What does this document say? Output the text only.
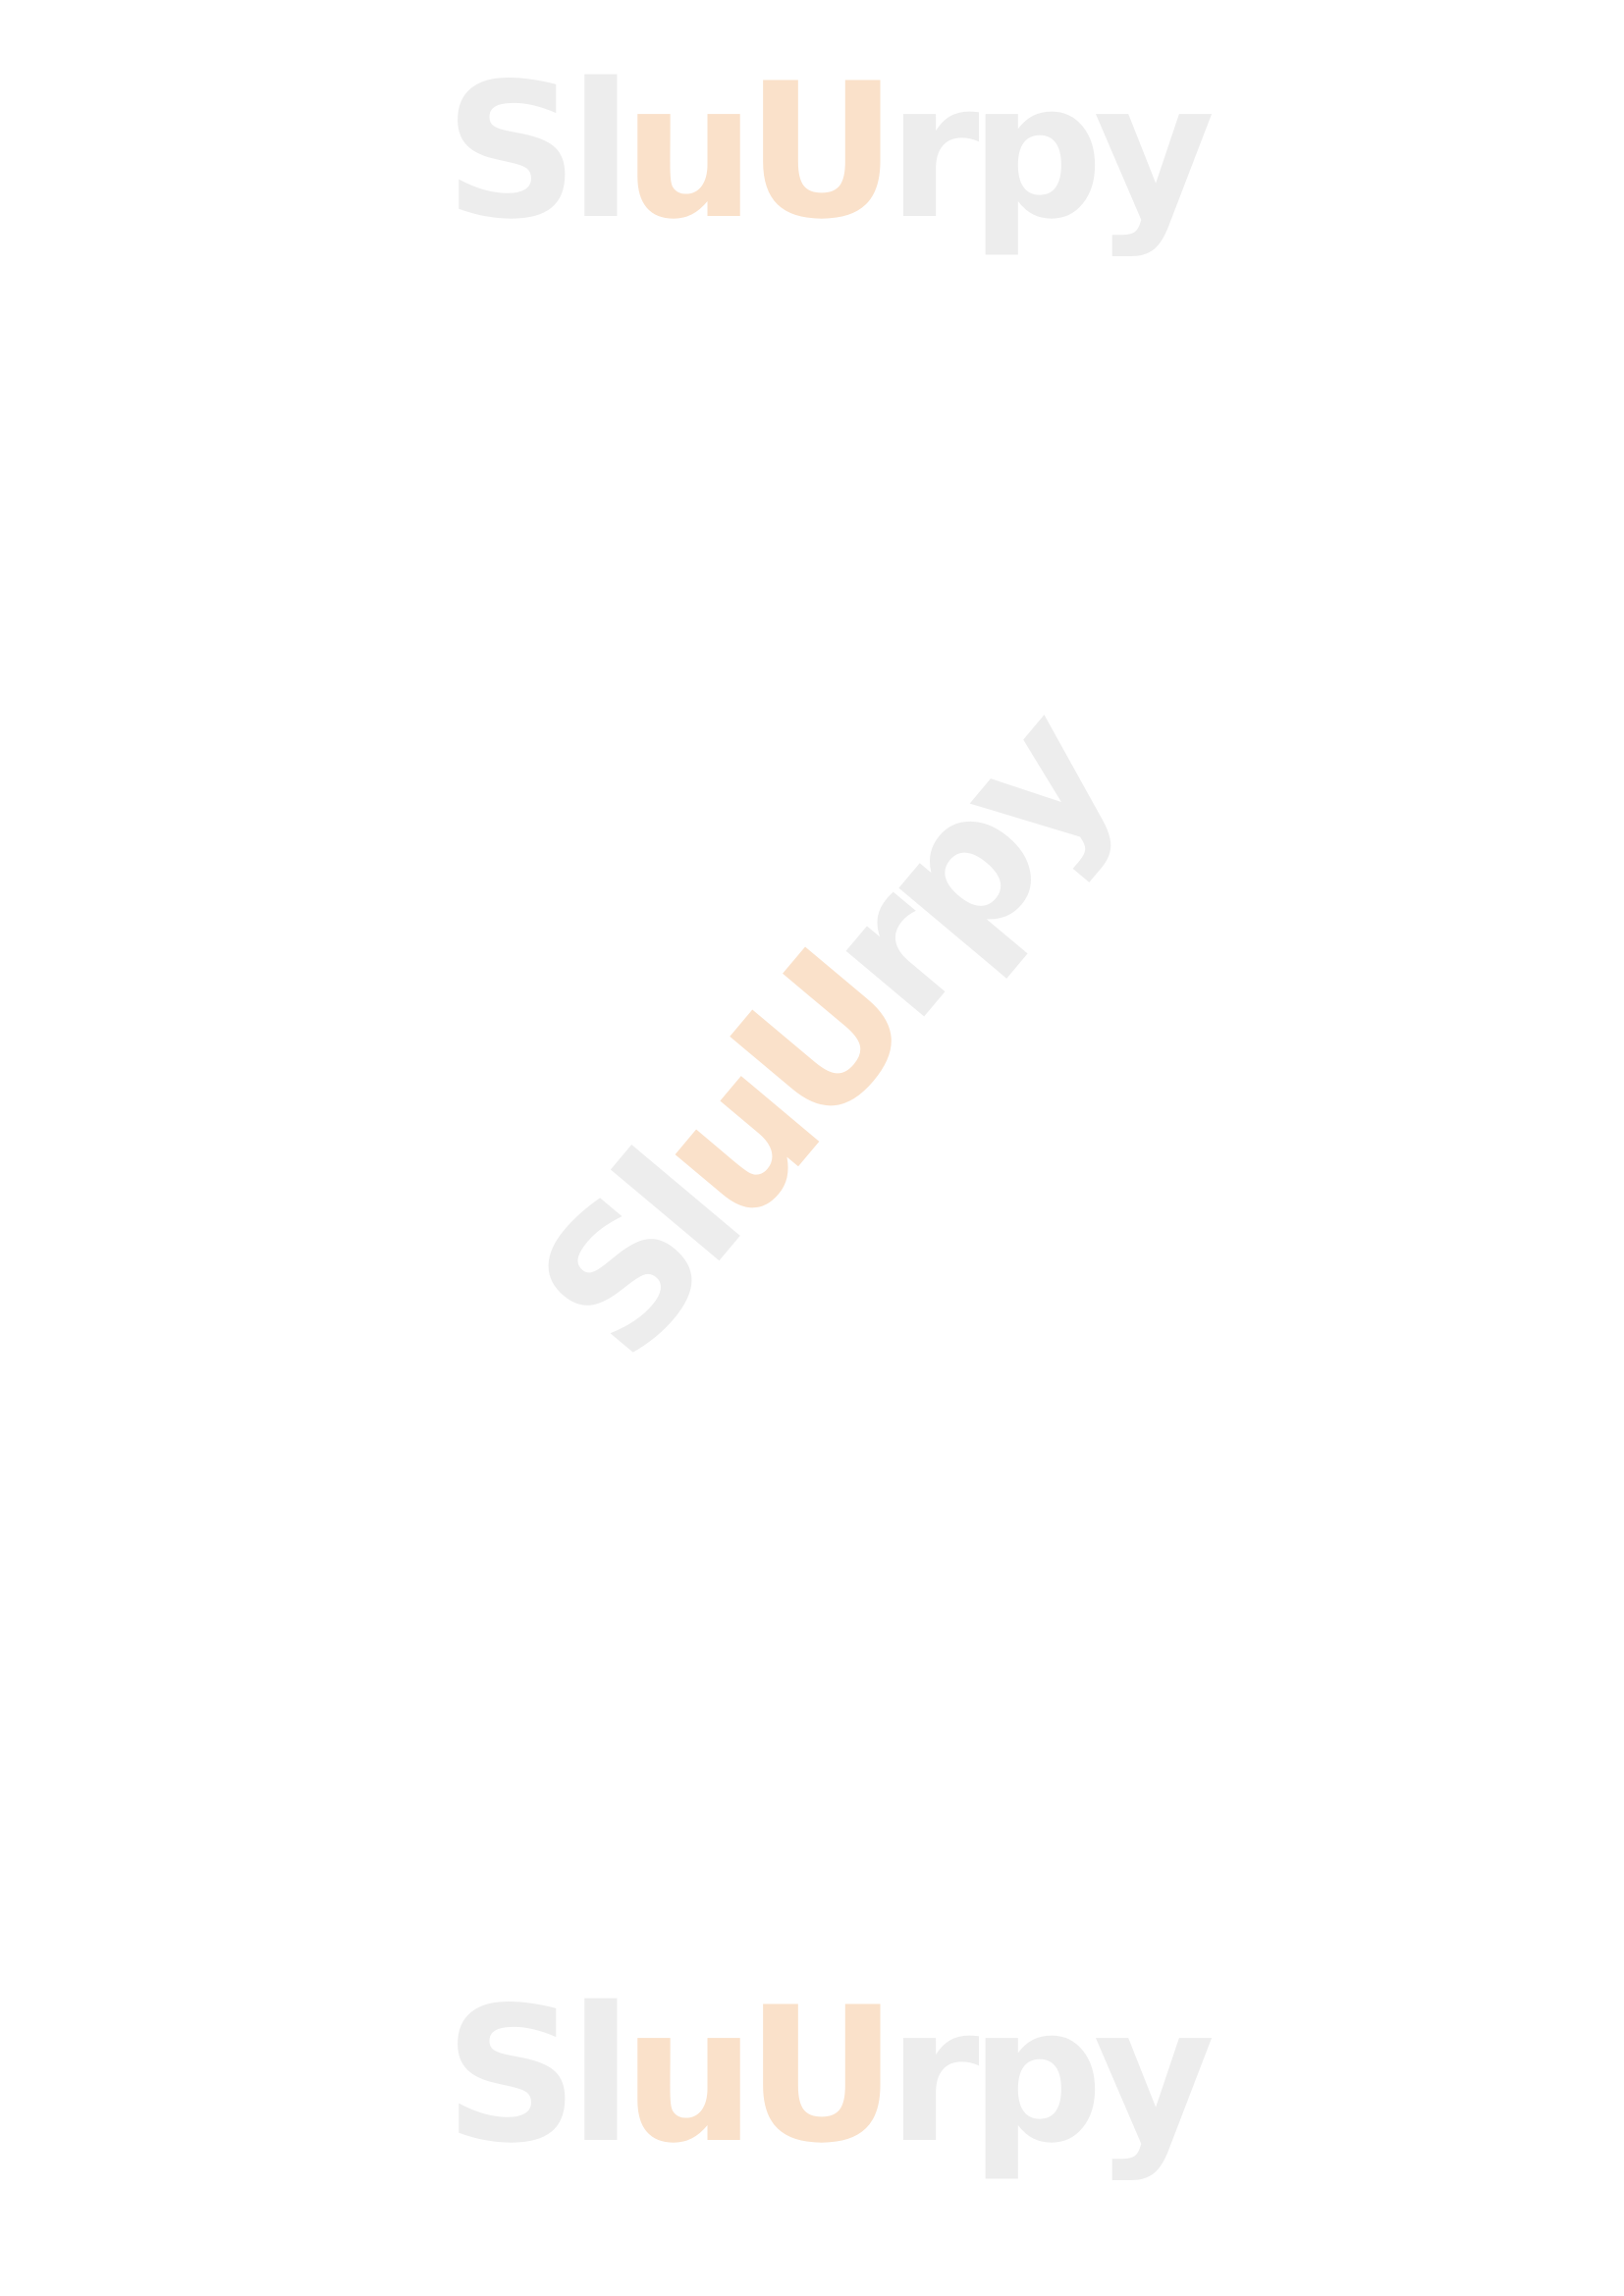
SluUrpy
SluUrpy
SluUrpy
